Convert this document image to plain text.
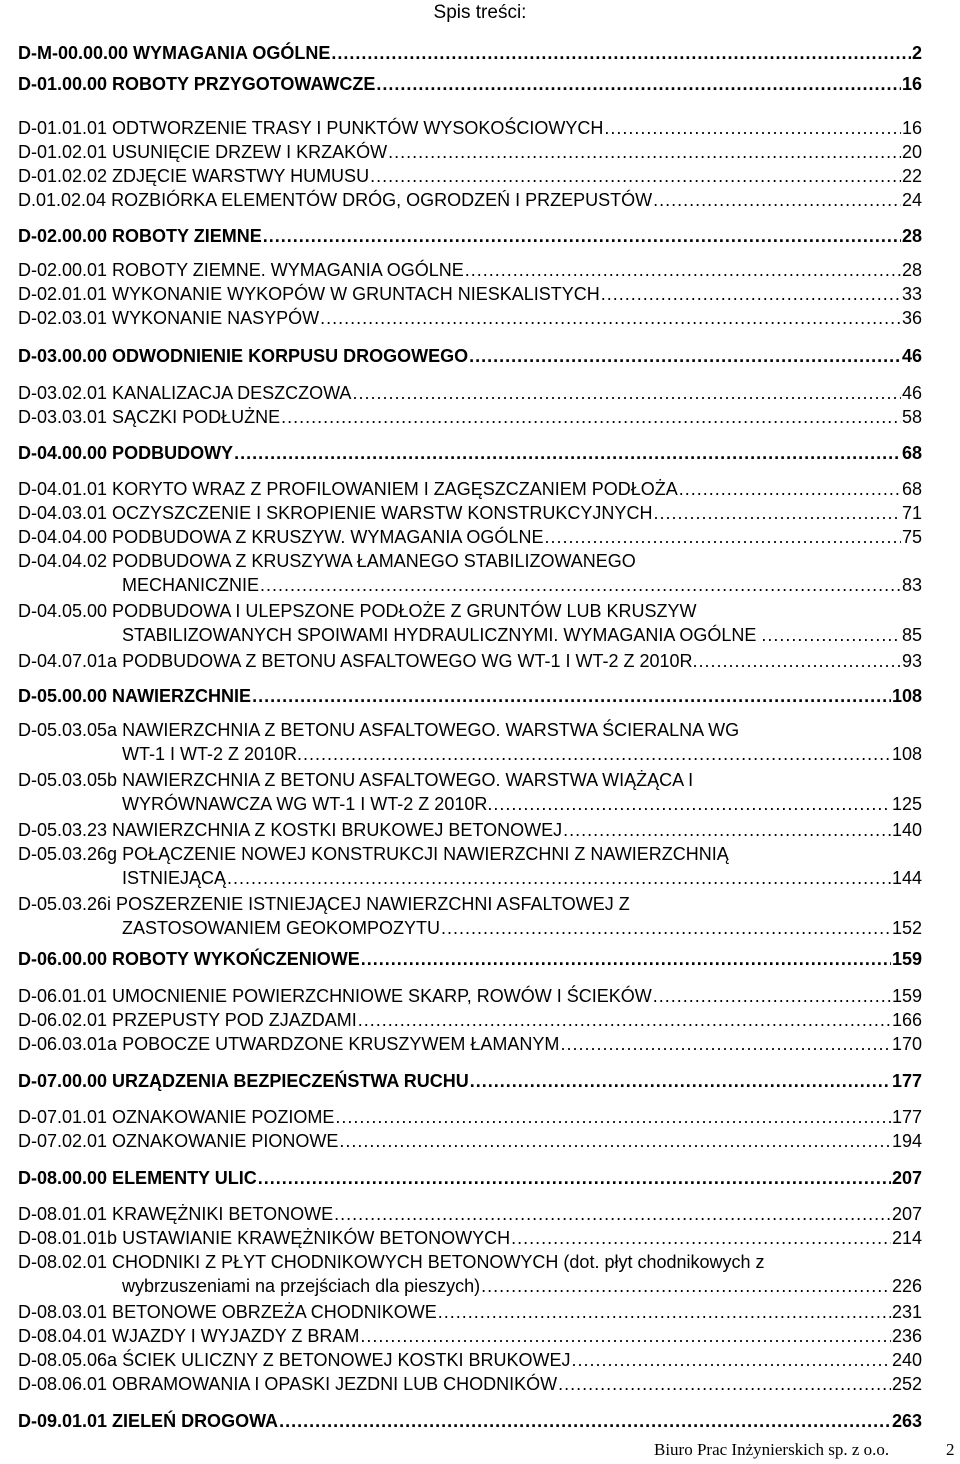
Spis treści:
D-M-00.00.00 WYMAGANIA OGÓLNE .....	2
D-01.00.00 ROBOTY PRZYGOTOWAWCZE .....	16
D-01.01.01 ODTWORZENIE TRASY I PUNKTÓW WYSOKOŚCIOWYCH .....	16
D-01.02.01 USUNIĘCIE DRZEW I KRZAKÓW .....	20
D-01.02.02 ZDJĘCIE WARSTWY HUMUSU .....	22
D.01.02.04 ROZBIÓRKA ELEMENTÓW DRÓG, OGRODZEŃ I PRZEPUSTÓW .....	24
D-02.00.00 ROBOTY ZIEMNE .....	28
D-02.00.01 ROBOTY ZIEMNE. WYMAGANIA OGÓLNE .....	28
D-02.01.01 WYKONANIE WYKOPÓW W GRUNTACH NIESKALISTYCH .....	33
D-02.03.01 WYKONANIE NASYPÓW .....	36
D-03.00.00 ODWODNIENIE KORPUSU DROGOWEGO .....	46
D-03.02.01 KANALIZACJA DESZCZOWA .....	46
D-03.03.01 SĄCZKI PODŁUŻNE .....	58
D-04.00.00 PODBUDOWY .....	68
D-04.01.01 KORYTO WRAZ Z PROFILOWANIEM I ZAGĘSZCZANIEM PODŁOŻA .....	68
D-04.03.01 OCZYSZCZENIE I SKROPIENIE WARSTW KONSTRUKCYJNYCH .....	71
D-04.04.00 PODBUDOWA Z KRUSZYW. WYMAGANIA OGÓLNE .....	75
D-04.04.02 PODBUDOWA Z KRUSZYWA ŁAMANEGO STABILIZOWANEGO
MECHANICZNIE .....	83
D-04.05.00 PODBUDOWA I ULEPSZONE PODŁOŻE Z GRUNTÓW LUB KRUSZYW
STABILIZOWANYCH SPOIWAMI HYDRAULICZNYMI. WYMAGANIA OGÓLNE . .....	85
D-04.07.01a PODBUDOWA Z BETONU ASFALTOWEGO WG WT-1 I WT-2 Z 2010R. .....	93
D-05.00.00 NAWIERZCHNIE .....	108
D-05.03.05a NAWIERZCHNIA Z BETONU ASFALTOWEGO. WARSTWA ŚCIERALNA WG
WT-1 I WT-2 Z 2010R. .....	108
D-05.03.05b NAWIERZCHNIA Z BETONU ASFALTOWEGO. WARSTWA WIĄŻĄCA I
WYRÓWNAWCZA WG WT-1 I WT-2 Z 2010R. .....	125
D-05.03.23 NAWIERZCHNIA Z KOSTKI BRUKOWEJ BETONOWEJ .....	140
D-05.03.26g POŁĄCZENIE NOWEJ KONSTRUKCJI NAWIERZCHNI Z NAWIERZCHNIĄ
ISTNIEJĄCĄ .....	144
D-05.03.26i POSZERZENIE ISTNIEJĄCEJ NAWIERZCHNI ASFALTOWEJ Z
ZASTOSOWANIEM GEOKOMPOZYTU .....	152
D-06.00.00 ROBOTY WYKOŃCZENIOWE .....	159
D-06.01.01 UMOCNIENIE POWIERZCHNIOWE SKARP, ROWÓW I ŚCIEKÓW .....	159
D-06.02.01 PRZEPUSTY POD ZJAZDAMI .....	166
D-06.03.01a POBOCZE UTWARDZONE KRUSZYWEM ŁAMANYM .....	170
D-07.00.00 URZĄDZENIA BEZPIECZEŃSTWA RUCHU .....	177
D-07.01.01 OZNAKOWANIE POZIOME .....	177
D-07.02.01 OZNAKOWANIE PIONOWE .....	194
D-08.00.00 ELEMENTY ULIC .....	207
D-08.01.01 KRAWĘŻNIKI BETONOWE .....	207
D-08.01.01b USTAWIANIE KRAWĘŻNIKÓW BETONOWYCH .....	214
D-08.02.01 CHODNIKI Z PŁYT CHODNIKOWYCH BETONOWYCH (dot. płyt chodnikowych z
wybrzuszeniami na przejściach dla pieszych) .....	226
D-08.03.01 BETONOWE OBRZEŻA CHODNIKOWE .....	231
D-08.04.01 WJAZDY I WYJAZDY Z BRAM .....	236
D-08.05.06a ŚCIEK ULICZNY Z BETONOWEJ KOSTKI BRUKOWEJ .....	240
D-08.06.01 OBRAMOWANIA I OPASKI JEZDNI LUB CHODNIKÓW .....	252
D-09.01.01 ZIELEŃ DROGOWA .....	263
Biuro Prac Inżynierskich sp. z o.o.	2
